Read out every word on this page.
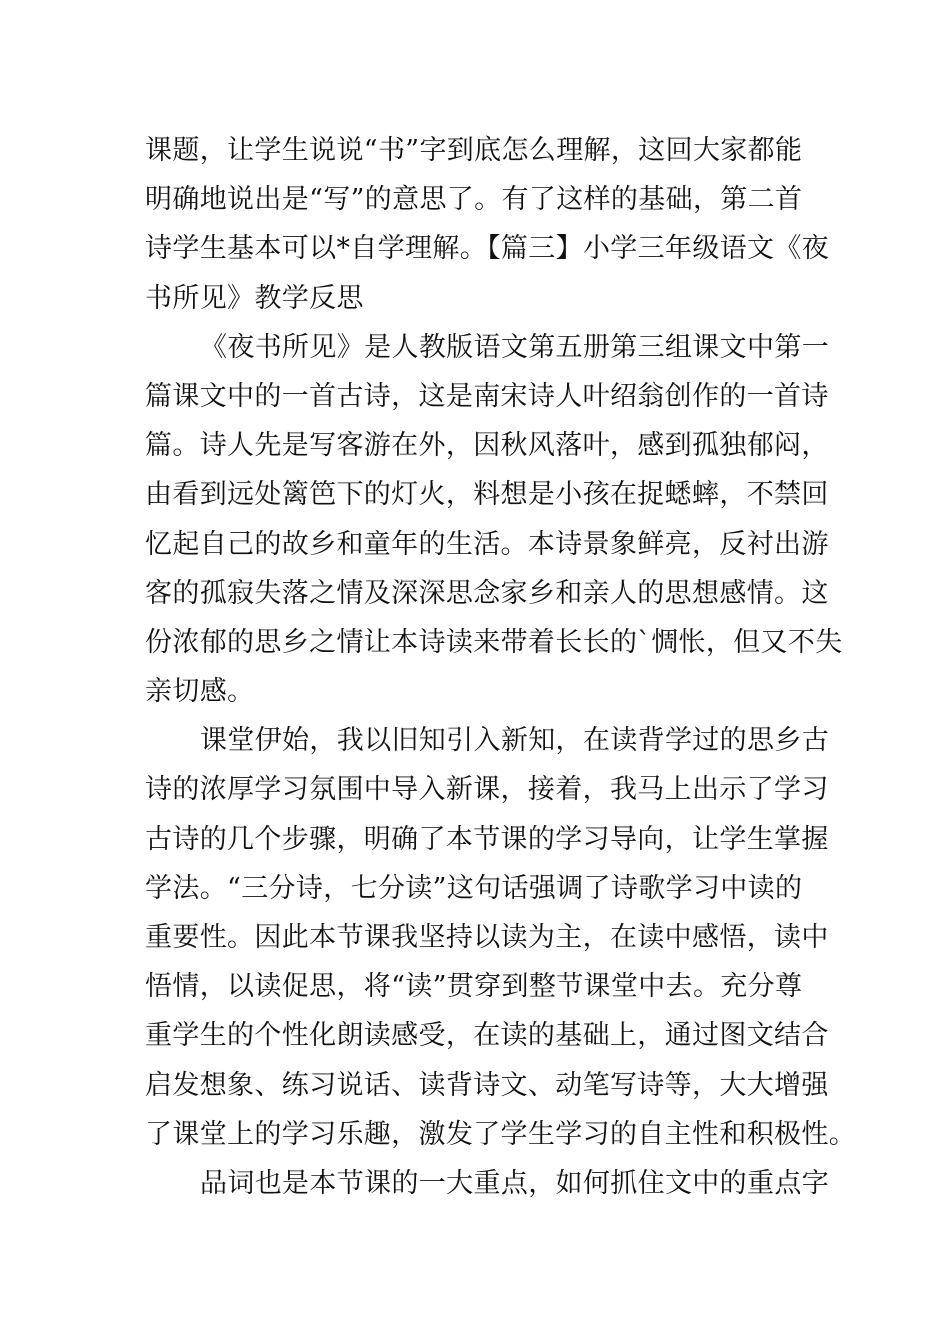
课题，让学生说说“书”字到底怎么理解，这回大家都能
明确地说出是“写”的意思了。有了这样的基础，第二首
诗学生基本可以*自学理解。【篇三】小学三年级语文《夜
书所见》教学反思
《夜书所见》是人教版语文第五册第三组课文中第一
篇课文中的一首古诗，这是南宋诗人叶绍翁创作的一首诗
篇。诗人先是写客游在外，因秋风落叶，感到孤独郁闷，
由看到远处篱笆下的灯火，料想是小孩在捉蟋蟀，不禁回
忆起自己的故乡和童年的生活。本诗景象鲜亮，反衬出游
客的孤寂失落之情及深深思念家乡和亲人的思想感情。这
份浓郁的思乡之情让本诗读来带着长长的`惆怅，但又不失
亲切感。
课堂伊始，我以旧知引入新知，在读背学过的思乡古
诗的浓厚学习氛围中导入新课，接着，我马上出示了学习
古诗的几个步骤，明确了本节课的学习导向，让学生掌握
学法。“三分诗，七分读”这句话强调了诗歌学习中读的
重要性。因此本节课我坚持以读为主，在读中感悟，读中
悟情，以读促思，将“读”贯穿到整节课堂中去。充分尊
重学生的个性化朗读感受，在读的基础上，通过图文结合
启发想象、练习说话、读背诗文、动笔写诗等，大大增强
了课堂上的学习乐趣，激发了学生学习的自主性和积极性。
品词也是本节课的一大重点，如何抓住文中的重点字
